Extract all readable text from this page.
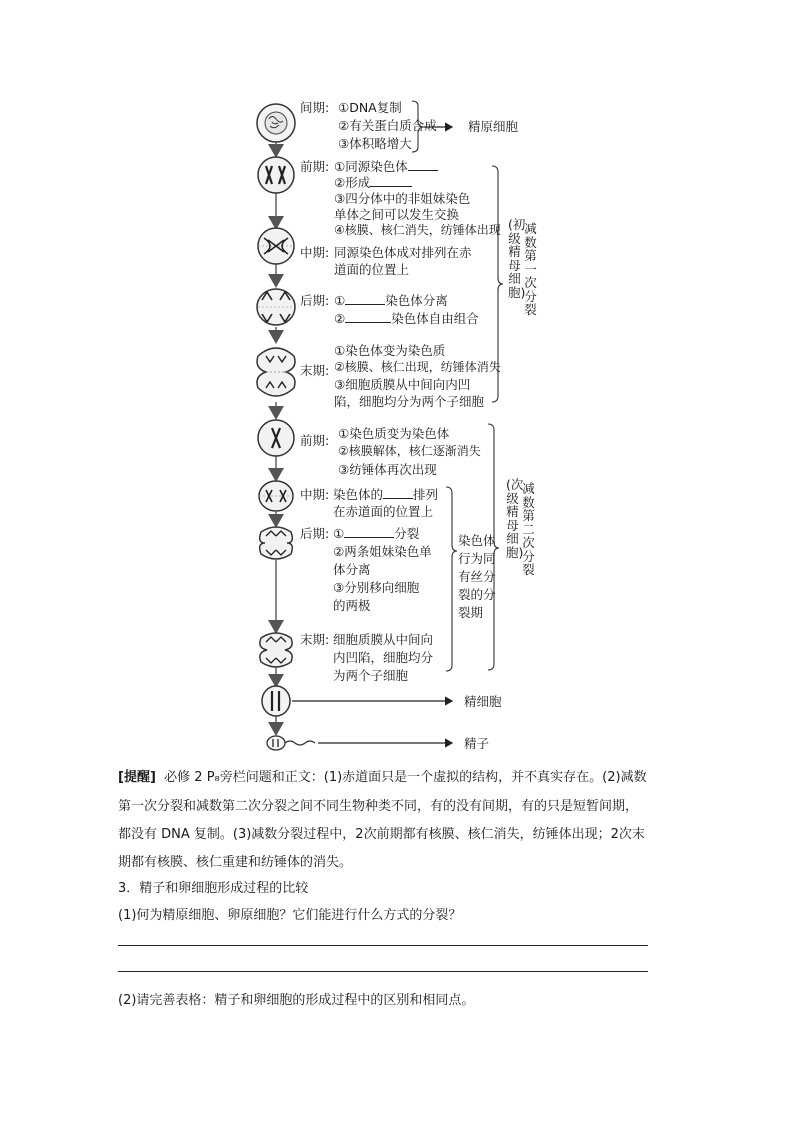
间期: ①DNA复制
②有关蛋白质合成
③体积略增大
精原细胞
前期: ①同源染色体
②形成
③四分体中的非姐妹染色
单体之间可以发生交换
④核膜、核仁消失，纺锤体出现
中期: 同源染色体成对排列在赤
道面的位置上
后期: ①	染色体分离
②	染色体自由组合
①染色体变为染色质
末期: ②核膜、核仁出现，纺锤体消失
③细胞质膜从中间向内凹
陷，细胞均分为两个子细胞
减数第一次分裂
(初级精母细胞)
前期: ①染色质变为染色体
②核膜解体，核仁逐渐消失
③纺锤体再次出现
中期: 染色体的 排列
在赤道面的位置上
后期: ①	分裂
②两条姐妹染色单
体分离
③分别移向细胞
的两极
末期: 细胞质膜从中间向
内凹陷，细胞均分
为两个子细胞
染色体
行为同
有丝分
裂的分
裂期
减数第二次分裂
(次级精母细胞)
精细胞
精子
[提醒] 必修 2 P₈旁栏问题和正文：(1)赤道面只是一个虚拟的结构，并不真实存在。(2)减数
第一次分裂和减数第二次分裂之间不同生物种类不同，有的没有间期，有的只是短暂间期，
都没有 DNA 复制。(3)减数分裂过程中，2次前期都有核膜、核仁消失，纺锤体出现；2次末
期都有核膜、核仁重建和纺锤体的消失。
3．精子和卵细胞形成过程的比较
(1)何为精原细胞、卵原细胞？它们能进行什么方式的分裂？
(2)请完善表格：精子和卵细胞的形成过程中的区别和相同点。
